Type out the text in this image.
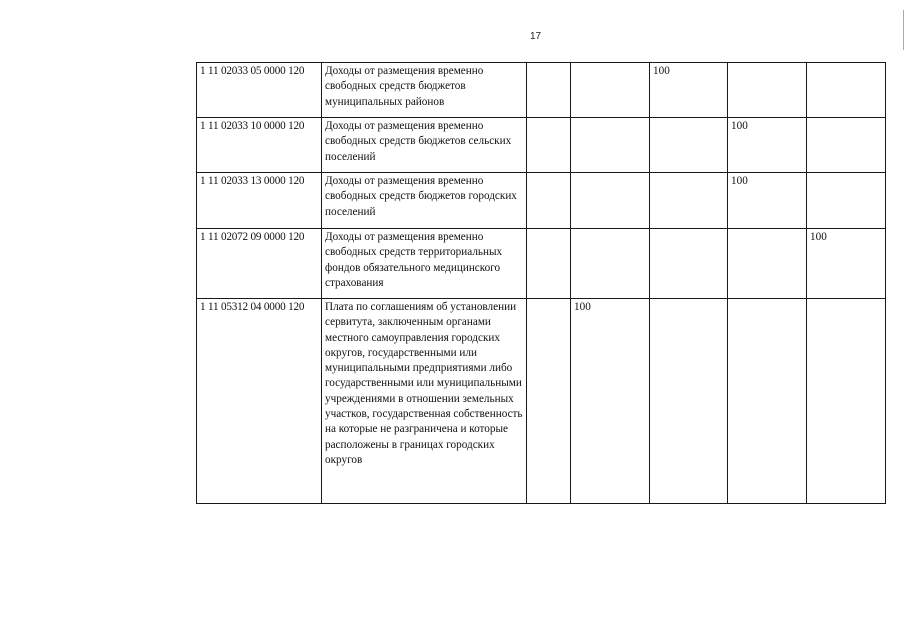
17
1 11 02033 05 0000 120	Доходы от размещения временно свободных средств бюджетов муниципальных районов			100		
1 11 02033 10 0000 120	Доходы от размещения временно свободных средств бюджетов сельских поселений				100	
1 11 02033 13 0000 120	Доходы от размещения временно свободных средств бюджетов городских поселений				100	
1 11 02072 09 0000 120	Доходы от размещения временно свободных средств территориальных фондов обязательного медицинского страхования					100
1 11 05312 04 0000 120	Плата по соглашениям об установлении сервитута, заключенным органами местного самоуправления городских округов, государственными или муниципальными предприятиями либо государственными или муниципальными учреждениями в отношении земельных участков, государственная собственность на которые не разграничена и которые расположены в границах городских округов		100			
